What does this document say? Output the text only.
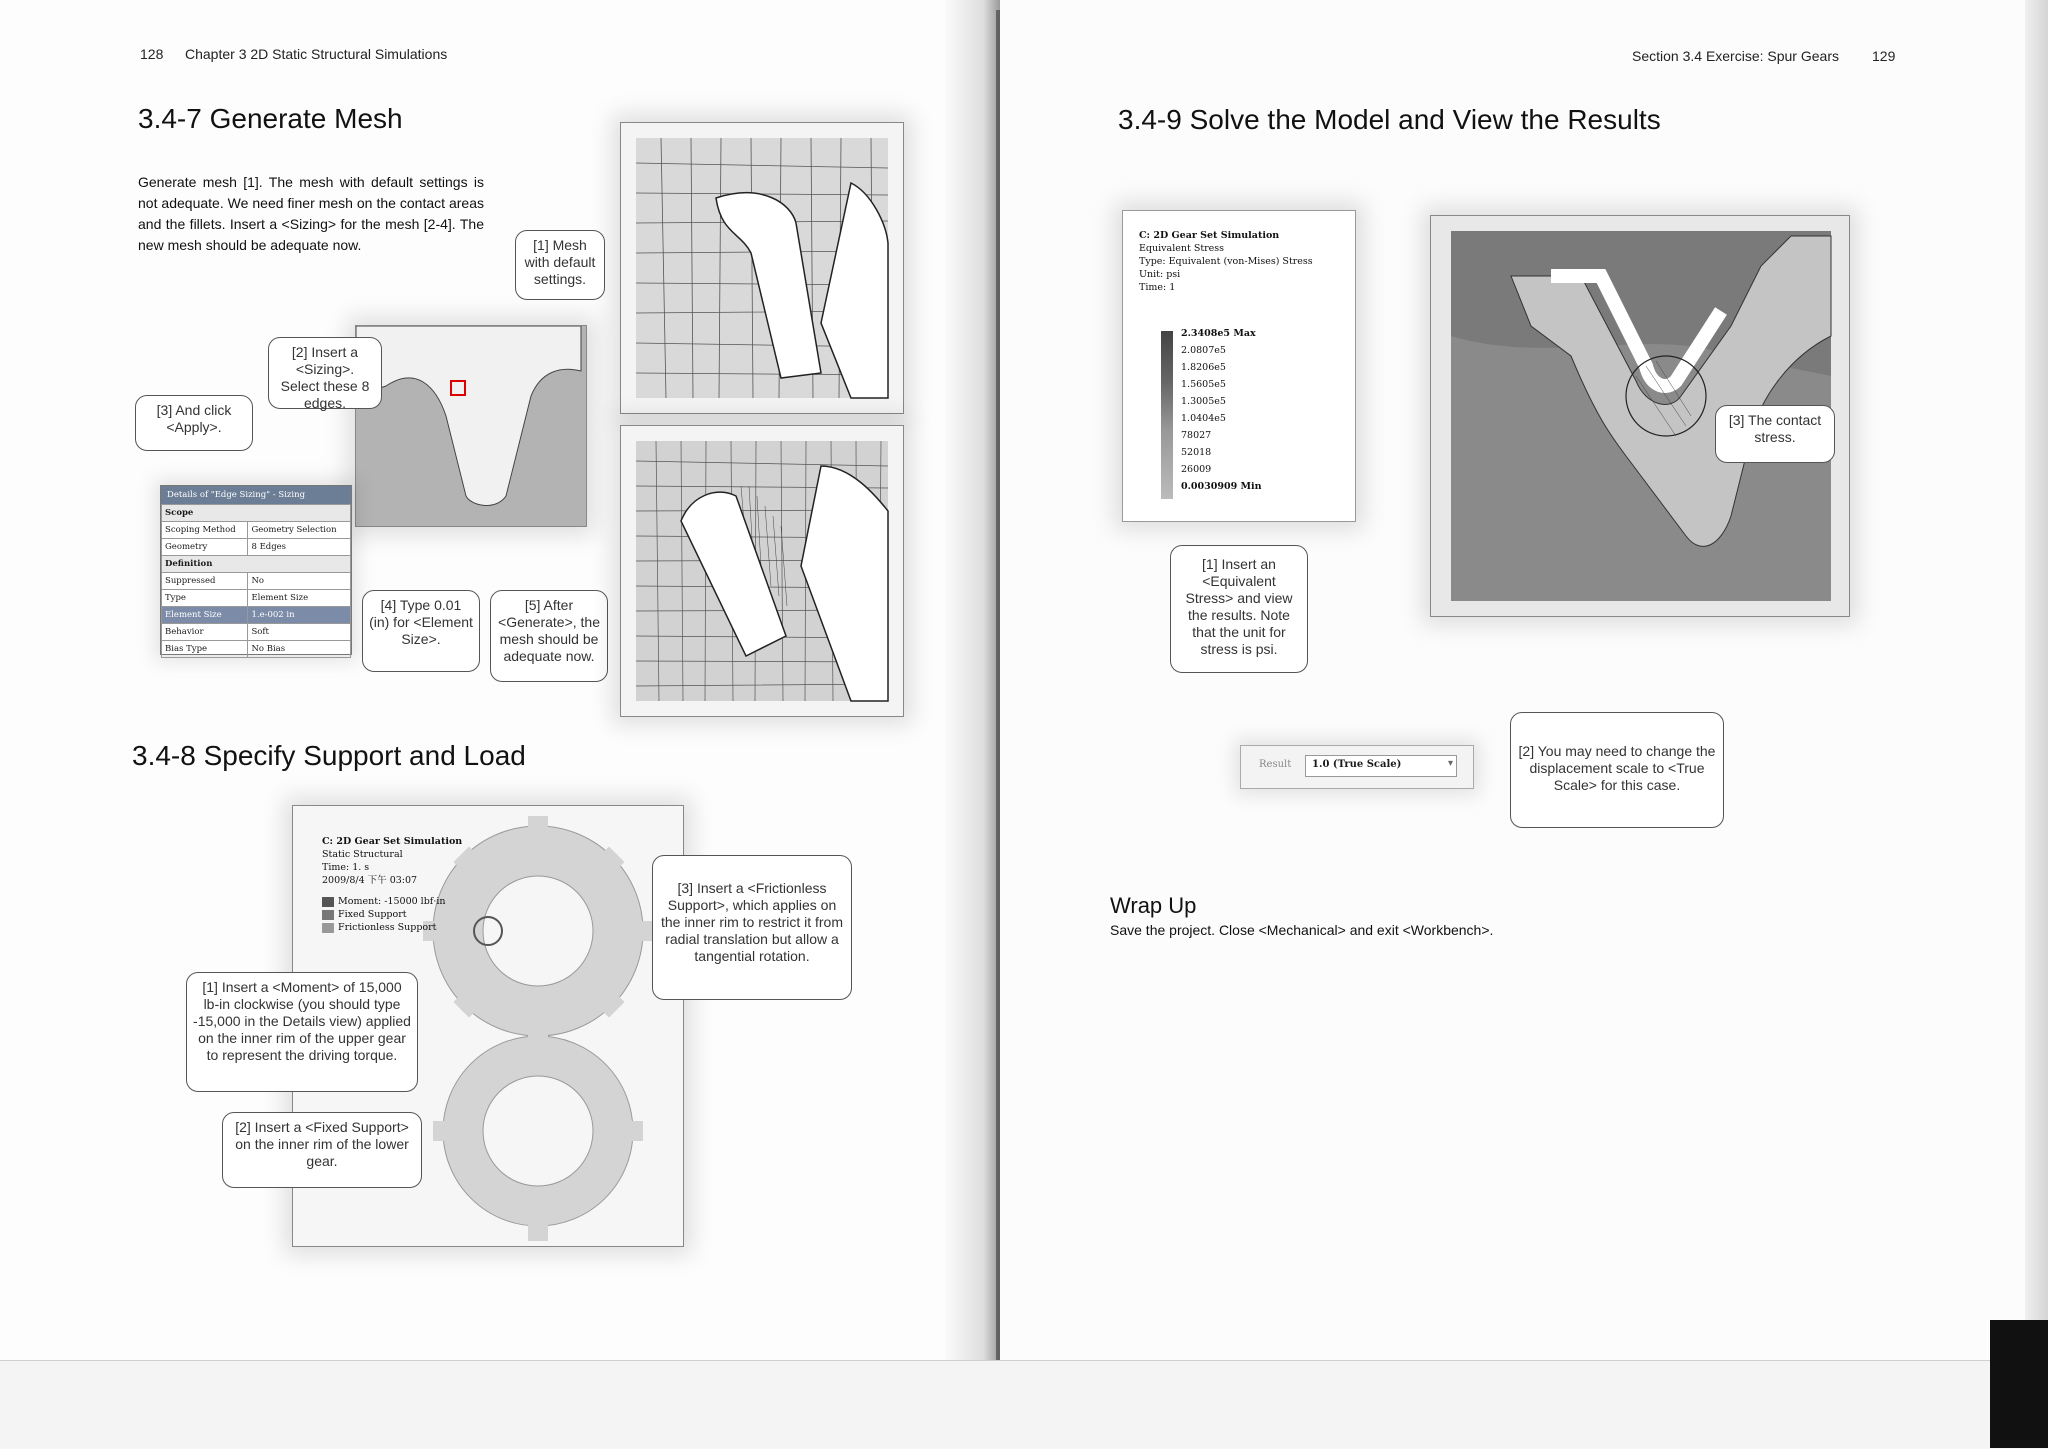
128 Chapter 3 2D Static Structural Simulations
3.4-7 Generate Mesh
Generate mesh [1]. The mesh with default settings is not adequate. We need finer mesh on the contact areas and the fillets. Insert a <Sizing> for the mesh [2-4]. The new mesh should be adequate now.	[1] Mesh with default settings.
[2] Insert a <Sizing>. Select these 8 edges.
[3] And click <Apply>.
Details of "Edge Sizing" - Sizing
Scope	
Scoping Method	Geometry Selection
Geometry	8 Edges
Definition	
Suppressed	No
Type	Element Size
Element Size	1.e-002 in
Behavior	Soft
Bias Type	No Bias
[4] Type 0.01 (in) for <Element Size>.
[5] After <Generate>, the mesh should be adequate now.
3.4-8 Specify Support and Load
C: 2D Gear Set Simulation
Static Structural
Time: 1. s
2009/8/4 下午 03:07
Moment: -15000 lbf·in
Fixed Support
Frictionless Support
[1] Insert a <Moment> of 15,000 lb-in clockwise (you should type -15,000 in the Details view) applied on the inner rim of the upper gear to represent the driving torque.
[2] Insert a <Fixed Support> on the inner rim of the lower gear.
[3] Insert a <Frictionless Support>, which applies on the inner rim to restrict it from radial translation but allow a tangential rotation.
Section 3.4 Exercise: Spur Gears 129
3.4-9 Solve the Model and View the Results
C: 2D Gear Set Simulation
Equivalent Stress
Type: Equivalent (von-Mises) Stress
Unit: psi
Time: 1
2.3408e5 Max
2.0807e5
1.8206e5
1.5605e5
1.3005e5
1.0404e5
78027
52018
26009
0.0030909 Min
[1] Insert an <Equivalent Stress> and view the results. Note that the unit for stress is psi.
[3] The contact stress.
Result 1.0 (True Scale)	▾
[2] You may need to change the displacement scale to <True Scale> for this case.
Wrap Up
Save the project. Close <Mechanical> and exit <Workbench>.
